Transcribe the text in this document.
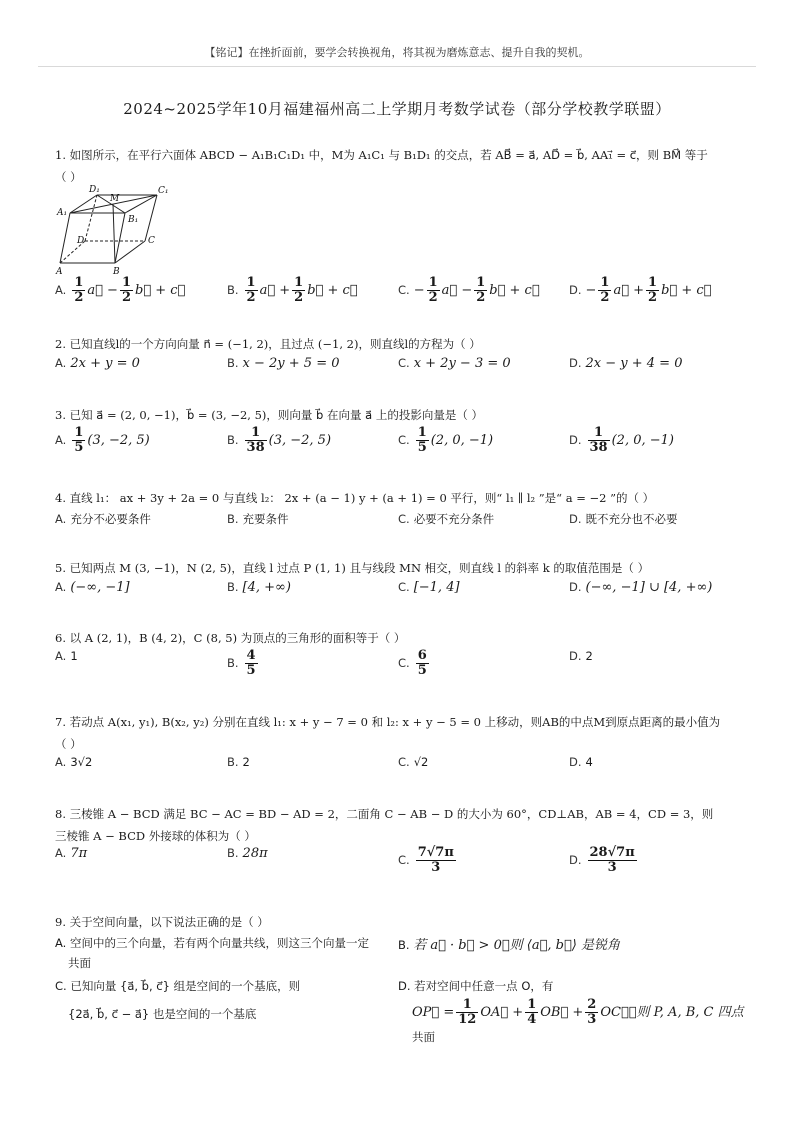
【铭记】在挫折面前，要学会转换视角，将其视为磨炼意志、提升自我的契机。
2024~2025学年10月福建福州高二上学期月考数学试卷（部分学校教学联盟）
1. 如图所示，在平行六面体 ABCD − A₁B₁C₁D₁ 中，M为 A₁C₁ 与 B₁D₁ 的交点，若 AB⃗ = a⃗, AD⃗ = b⃗, AA₁⃗ = c⃗，则 BM⃗ 等于
（ ）
D₁
M
C₁
A₁
B₁
D	C
A	B
A. $\frac{1}{2}$ a⃗ − $\frac{1}{2}$ b⃗ + c⃗	B. $\frac{1}{2}$ a⃗ + $\frac{1}{2}$ b⃗ + c⃗	C. − $\frac{1}{2}$ a⃗ − $\frac{1}{2}$ b⃗ + c⃗	D. − $\frac{1}{2}$ a⃗ + $\frac{1}{2}$ b⃗ + c⃗
2. 已知直线l的一个方向向量 n⃗ = (−1, 2)，且过点 (−1, 2)，则直线l的方程为（ ）
A. 2x + y = 0	B. x − 2y + 5 = 0	C. x + 2y − 3 = 0	D. 2x − y + 4 = 0
3. 已知 a⃗ = (2, 0, −1)，b⃗ = (3, −2, 5)，则向量 b⃗ 在向量 a⃗ 上的投影向量是（ ）
A. $\frac{1}{5} (3$, −2, 5)	B. $\frac{1}{38} (3$, −2, 5)	C. $\frac{1}{5} (2$, 0, −1)	D. $\frac{1}{38} (2$, 0, −1)
4. 直线 l₁： ax + 3y + 2a = 0 与直线 l₂： 2x + (a − 1) y + (a + 1) = 0 平行，则“ l₁ ∥ l₂ ”是“ a = −2 ”的（ ）
A. 充分不必要条件	B. 充要条件	C. 必要不充分条件	D. 既不充分也不必要
5. 已知两点 M (3, −1)，N (2, 5)，直线 l 过点 P (1, 1) 且与线段 MN 相交，则直线 l 的斜率 k 的取值范围是（ ）
A. (−∞, −1]	B. [4, +∞)	C. [−1, 4]	D. (−∞, −1] ∪ [4, +∞)
6. 以 A (2, 1)，B (4, 2)，C (8, 5) 为顶点的三角形的面积等于（ ）
A. 1	B. $\frac{4}{5}$	C. $\frac{6}{5}$	D. 2
7. 若动点 A(x₁, y₁), B(x₂, y₂) 分别在直线 l₁: x + y − 7 = 0 和 l₂: x + y − 5 = 0 上移动，则AB的中点M到原点距离的最小值为
（ ）
A. 3√2	B. 2	C. √2	D. 4
8. 三棱锥 A − BCD 满足 BC − AC = BD − AD = 2，二面角 C − AB − D 的大小为 60°，CD⊥AB，AB = 4，CD = 3，则
三棱锥 A − BCD 外接球的体积为（ ）
A. 7π	B. 28π	C. $\frac{7√7\pi}{3}$	D. $\frac{28√7\pi}{3}$
9. 关于空间向量，以下说法正确的是（ ）
A. 空间中的三个向量，若有两个向量共线，则这三个向量一定
共面
B. 若 a⃗ · b⃗ > 0，则 ⟨a⃗, b⃗⟩ 是锐角
C. 已知向量 {a⃗, b⃗, c⃗} 组是空间的一个基底，则
{2a⃗, b⃗, c⃗ − a⃗} 也是空间的一个基底
D. 若对空间中任意一点 O，有
OP⃗ = $\frac{1}{12}$ OA⃗ + $\frac{1}{4}$ OB⃗ + $\frac{2}{3}$ OC⃗，则 P, A, B, C 四点
共面
